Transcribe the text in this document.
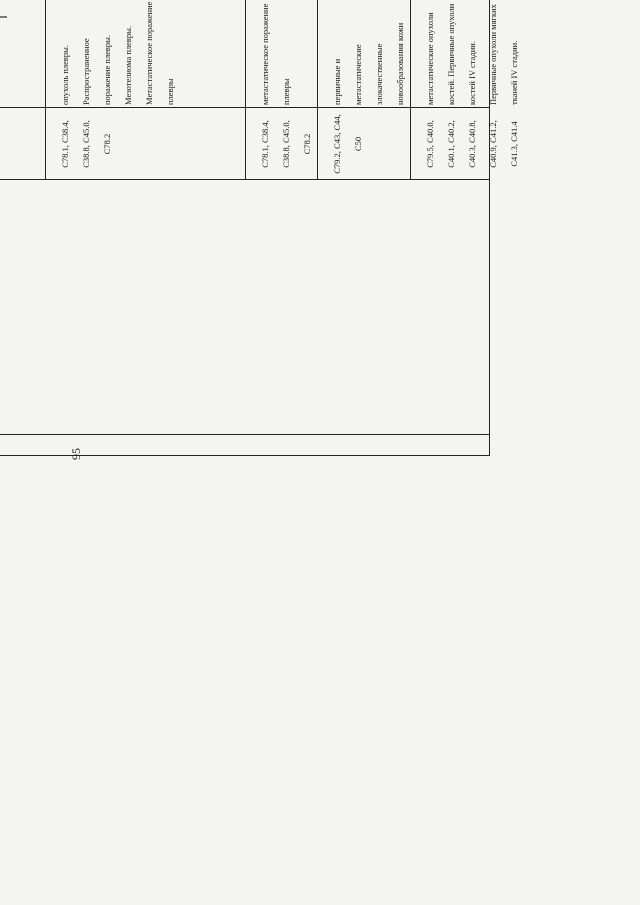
95

C78.1, C38.4, C38.8, C45.0, C78.2

опухоль плевры. Распространенное поражение плевры. Мезотелиома плевры. Метастатическое поражение плевры

C78.1, C38.4, C38.8, C45.0, C78.2

метастатическое поражение плевры

C79.2, C43, C44, C50

первичные и метастатические злокачественные новообразования кожи

C79.5, C40.0, C40.1, C40.2, C40.3, C40.8, C40.9, C41.2, C41.3, C41.4

метастатические опухоли костей. Первичные опухоли костей IV стадии. Первичные опухоли мягких тканей IV стадии.
